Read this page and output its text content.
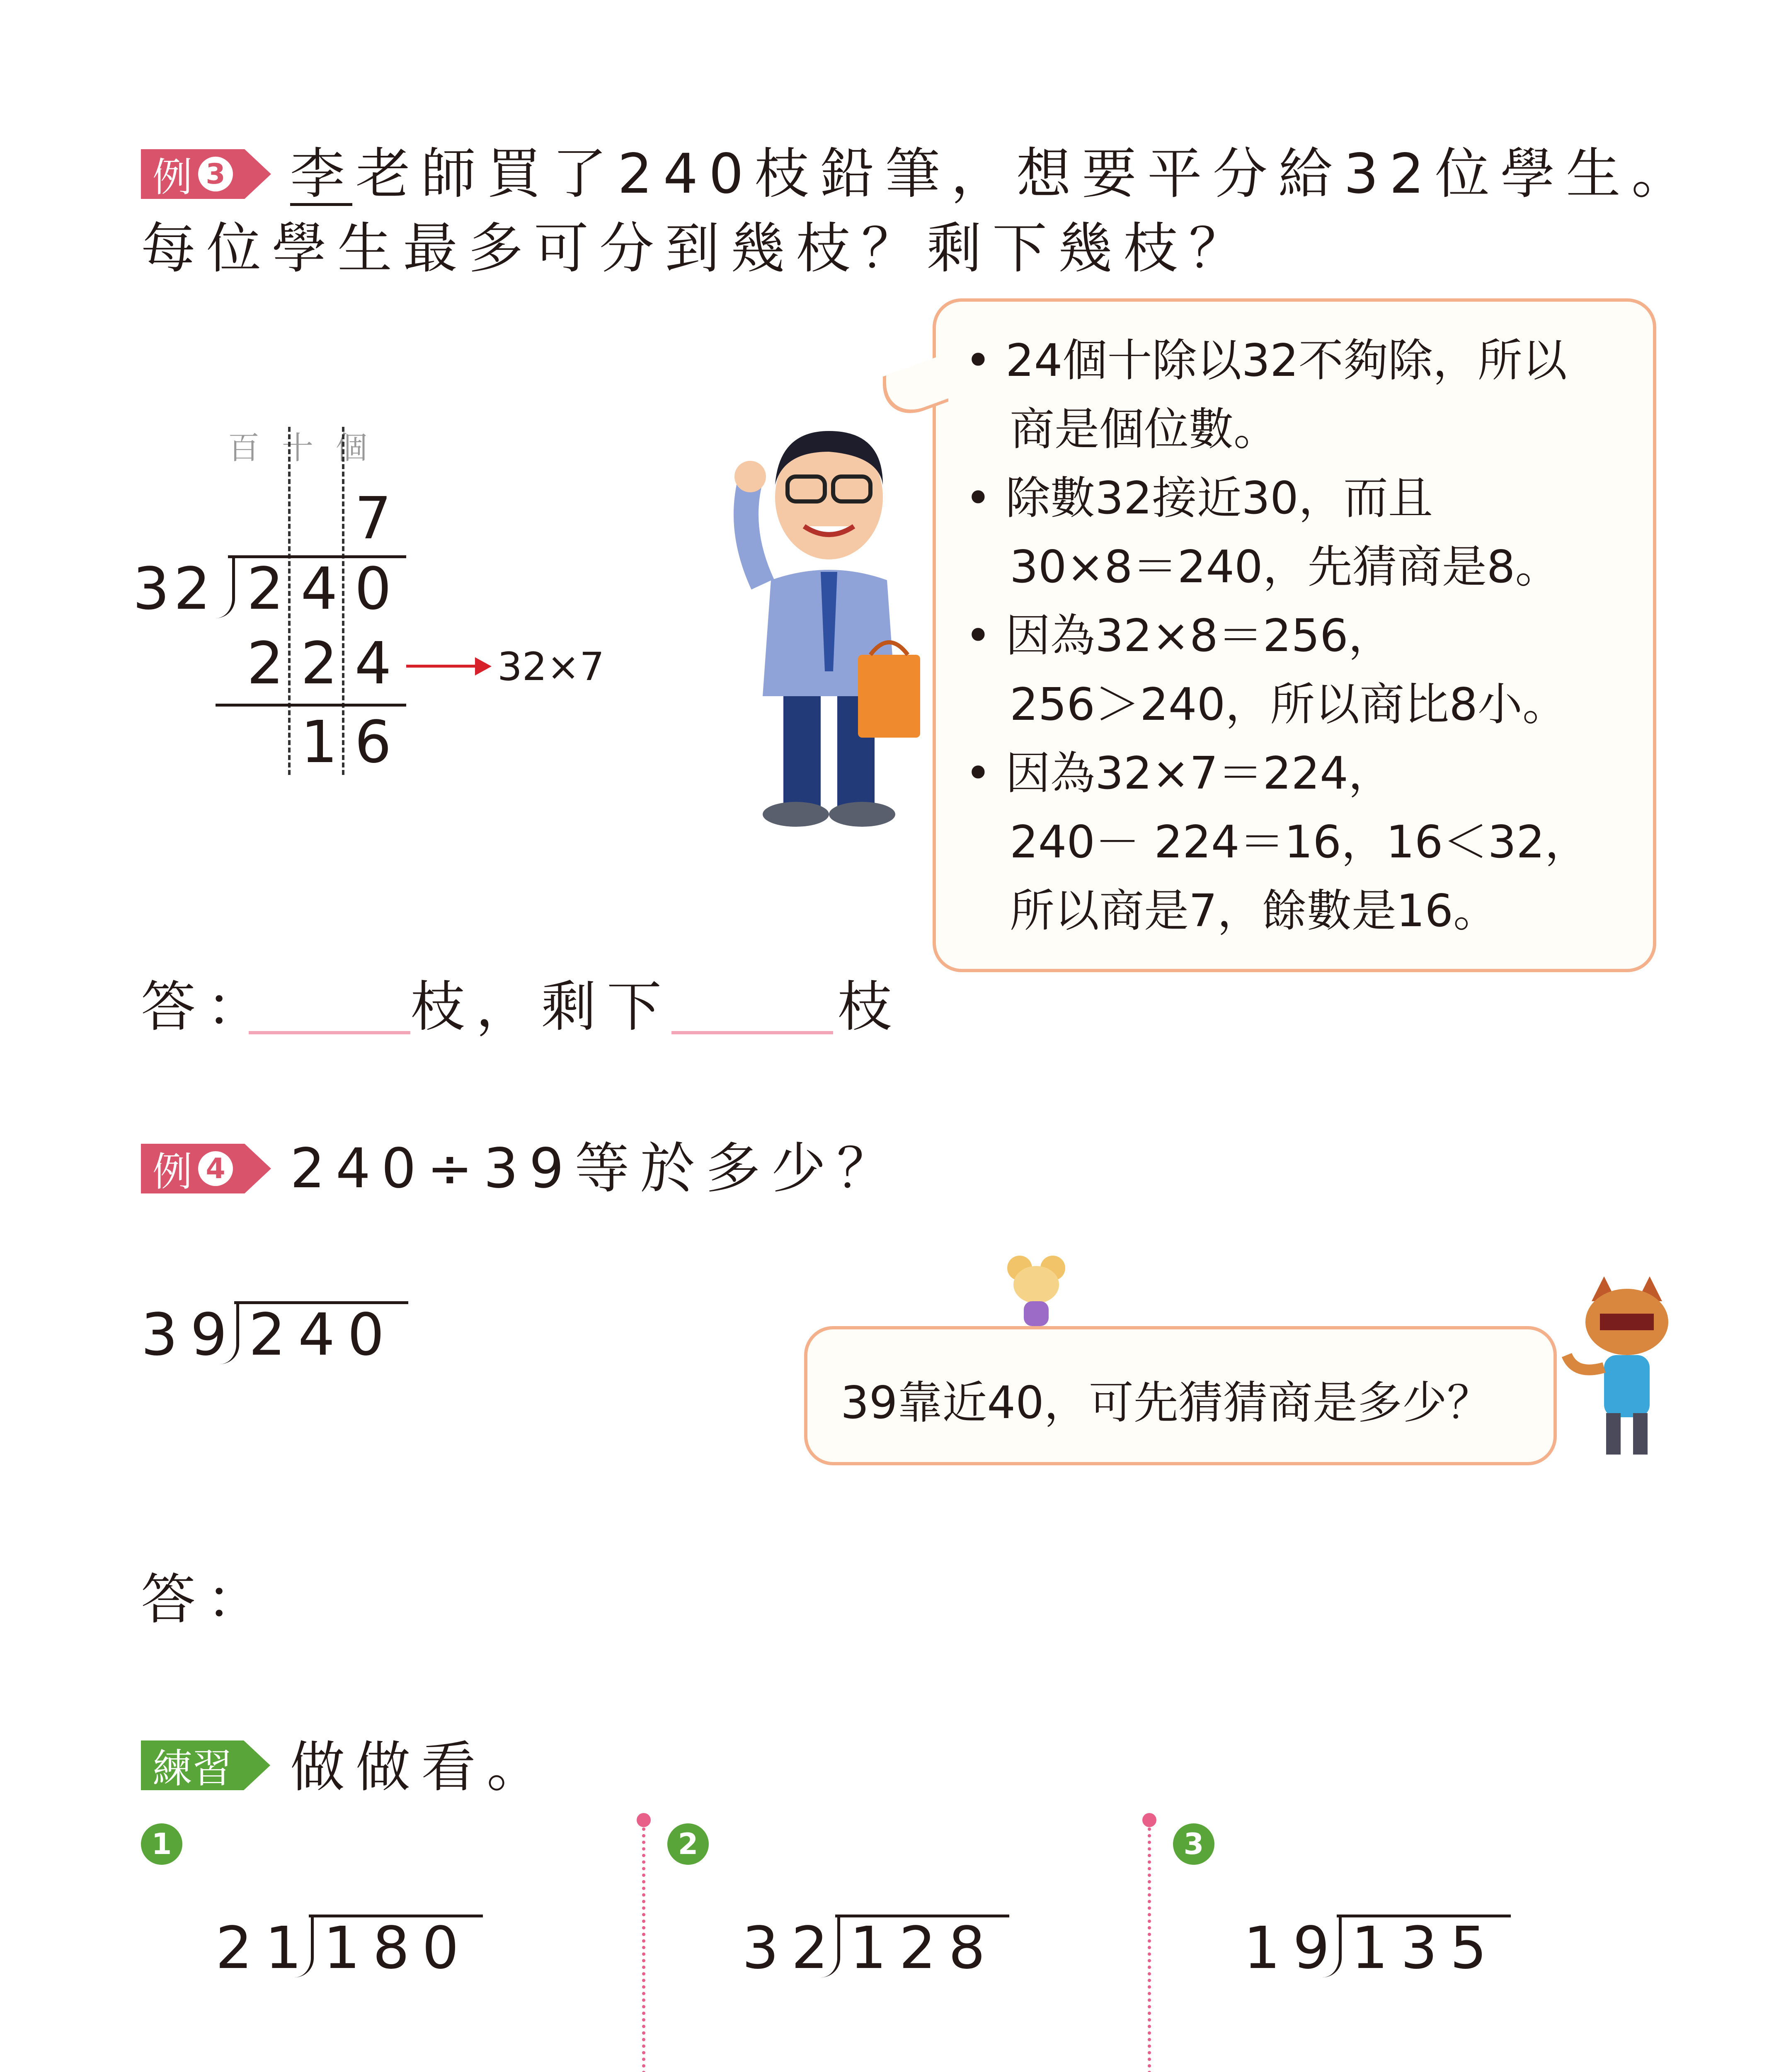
例 3 李老師買了240枝鉛筆，想要平分給32位學生。
每位學生最多可分到幾枝？剩下幾枝？
百 十 個
7
32 2 4 0
2 2 4	32×7
1 6
• 24個十除以32不夠除，所以
　商是個位數。
• 除數32接近30，而且
　30×8＝240，先猜商是8。
• 因為32×8＝256，
　256＞240，所以商比8小。
• 因為32×7＝224，
　240－ 224＝16，16＜32，
　所以商是7，餘數是16。
答：	枝，剩下	枝
例 4 240÷39等於多少？
39 240
39靠近40，可先猜猜商是多少？
答：
練習 做做看。
1
21 180
2
32 128
3
19 135
